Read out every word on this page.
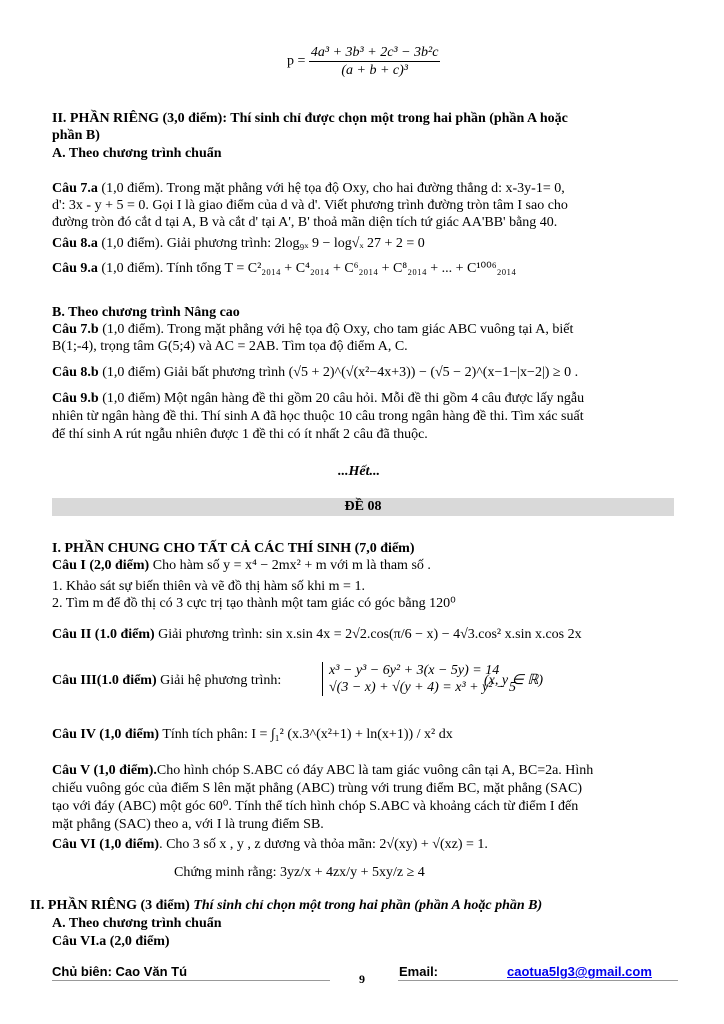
$p = \frac{\text{4a³ + 3b³ + 2c³ − 3b²c}}{\text{(a + b + c)³}}$
II. PHẦN RIÊNG (3,0 điểm): Thí sinh chỉ được chọn một trong hai phần (phần A hoặc
phần B)
A. Theo chương trình chuẩn
Câu 7.a (1,0 điểm). Trong mặt phẳng với hệ tọa độ Oxy, cho hai đường thẳng d: x-3y-1= 0,
d': 3x - y + 5 = 0. Gọi I là giao điểm của d và d'. Viết phương trình đường tròn tâm I sao cho
đường tròn đó cắt d tại A, B và cắt d' tại A', B' thoả mãn diện tích tứ giác AA'BB' bằng 40.
Câu 8.a (1,0 điểm). Giải phương trình: 2log₉ₓ 9 − log√ₓ 27 + 2 = 0
Câu 9.a (1,0 điểm). Tính tổng T = C²₂₀₁₄ + C⁴₂₀₁₄ + C⁶₂₀₁₄ + C⁸₂₀₁₄ + ... + C¹⁰⁰⁶₂₀₁₄
B. Theo chương trình Nâng cao
Câu 7.b (1,0 điểm). Trong mặt phẳng với hệ tọa độ Oxy, cho tam giác ABC vuông tại A, biết
B(1;-4), trọng tâm G(5;4) và AC = 2AB. Tìm tọa độ điểm A, C.
Câu 8.b (1,0 điểm) Giải bất phương trình (√5 + 2)^(√(x²−4x+3)) − (√5 − 2)^(x−1−|x−2|) ≥ 0 .
Câu 9.b (1,0 điểm) Một ngân hàng đề thi gồm 20 câu hỏi. Mỗi đề thi gồm 4 câu được lấy ngẫu
nhiên từ ngân hàng đề thi. Thí sinh A đã học thuộc 10 câu trong ngân hàng đề thi. Tìm xác suất
để thí sinh A rút ngẫu nhiên được 1 đề thi có ít nhất 2 câu đã thuộc.
...Hết...
ĐỀ 08
I. PHẦN CHUNG CHO TẤT CẢ CÁC THÍ SINH (7,0 điểm)
Câu I (2,0 điểm) Cho hàm số y = x⁴ − 2mx² + m với m là tham số .
1. Khảo sát sự biến thiên và vẽ đồ thị hàm số khi m = 1.
2. Tìm m để đồ thị có 3 cực trị tạo thành một tam giác có góc bằng 120⁰
Câu II (1.0 điểm) Giải phương trình: sin x.sin 4x = 2√2.cos(π/6 − x) − 4√3.cos² x.sin x.cos 2x
Câu III(1.0 điểm) Giải hệ phương trình:
x³ − y³ − 6y² + 3(x − 5y) = 14
√(3 − x) + √(y + 4) = x³ + y² − 5
(x, y ∈ ℝ)
Câu IV (1,0 điểm) Tính tích phân: I = ∫₁² (x.3^(x²+1) + ln(x+1)) / x² dx
Câu V (1,0 điểm).Cho hình chóp S.ABC có đáy ABC là tam giác vuông cân tại A, BC=2a. Hình
chiếu vuông góc của điểm S lên mặt phẳng (ABC) trùng với trung điểm BC, mặt phẳng (SAC)
tạo với đáy (ABC) một góc 60⁰. Tính thể tích hình chóp S.ABC và khoảng cách từ điểm I đến
mặt phẳng (SAC) theo a, với I là trung điểm SB.
Câu VI (1,0 điểm). Cho 3 số x , y , z dương và thỏa mãn: 2√(xy) + √(xz) = 1.
Chứng minh rằng: 3yz/x + 4zx/y + 5xy/z ≥ 4
II. PHẦN RIÊNG (3 điểm) Thí sinh chỉ chọn một trong hai phần (phần A hoặc phần B)
A. Theo chương trình chuẩn
Câu VI.a (2,0 điểm)
Chủ biên: Cao Văn Tú	Email:	caotua5lg3@gmail.com
9
